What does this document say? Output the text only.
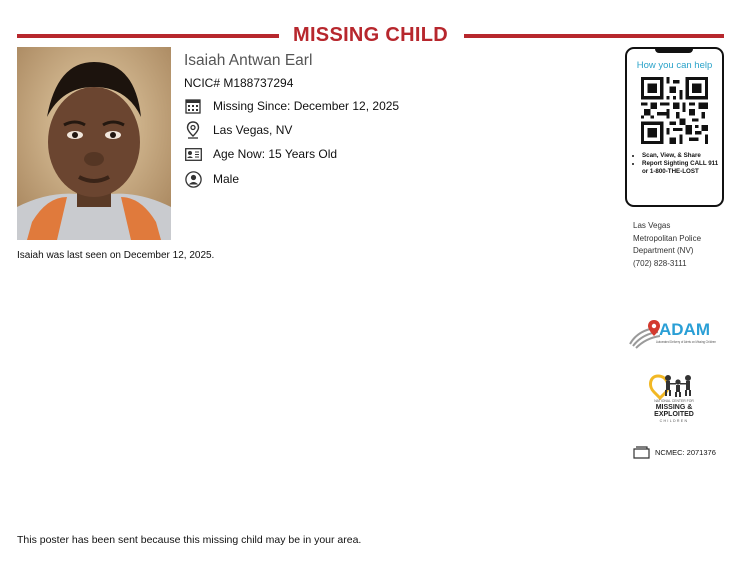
MISSING CHILD
Isaiah Antwan Earl
NCIC# M188737294
Missing Since: December 12, 2025
Las Vegas, NV
Age Now: 15 Years Old
Male
Isaiah was last seen on December 12, 2025.
How you can help
• Scan, View, & Share
• Report Sighting CALL 911 or 1-800-THE-LOST
Las Vegas
Metropolitan Police
Department (NV)
(702) 828-3111
ADAM
Automated Delivery of Alerts on Missing Children
NATIONAL CENTER FOR
MISSING &
EXPLOITED
CHILDREN
NCMEC: 2071376
This poster has been sent because this missing child may be in your area.
